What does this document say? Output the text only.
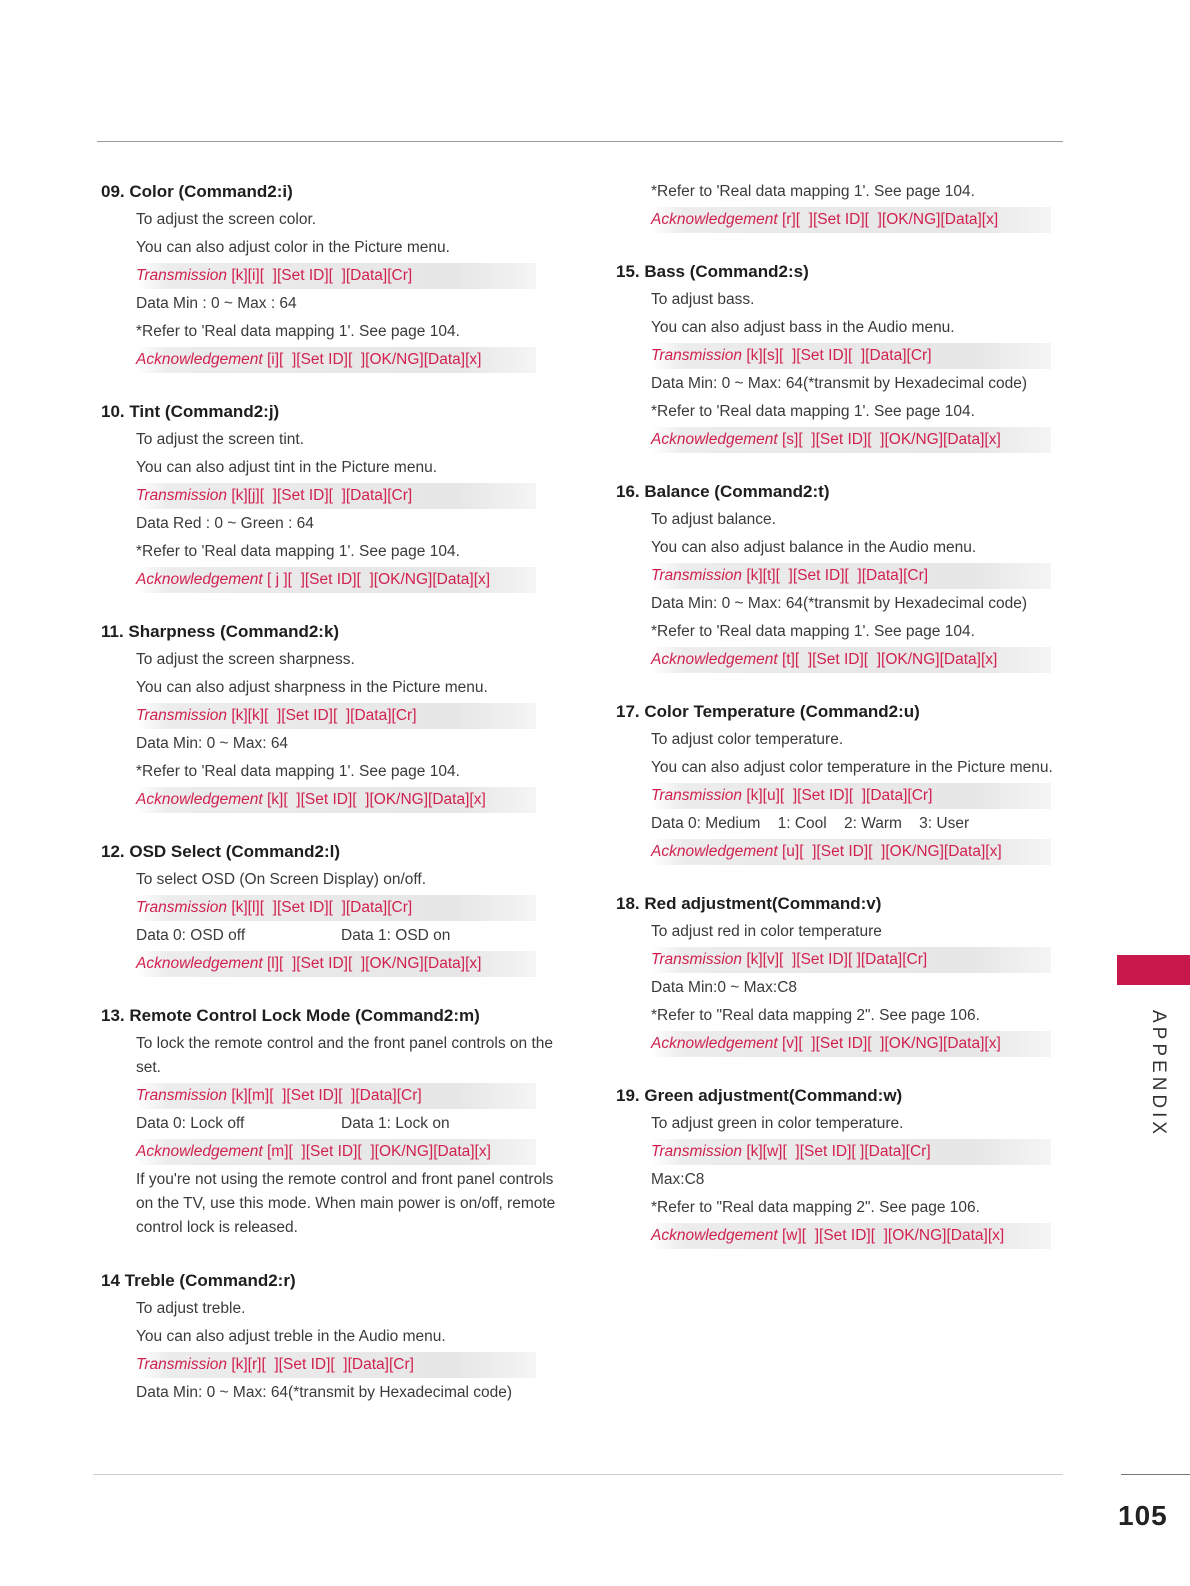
09. Color (Command2:i)
To adjust the screen color.
You can also adjust color in the Picture menu.
Transmission [k][i][  ][Set ID][  ][Data][Cr]
Data Min : 0 ~ Max : 64
*Refer to 'Real data mapping 1'. See page 104.
Acknowledgement [i][  ][Set ID][  ][OK/NG][Data][x]
10. Tint (Command2:j)
To adjust the screen tint.
You can also adjust tint in the Picture menu.
Transmission [k][j][  ][Set ID][  ][Data][Cr]
Data Red : 0 ~ Green : 64
*Refer to 'Real data mapping 1'. See page 104.
Acknowledgement [ j ][  ][Set ID][  ][OK/NG][Data][x]
11. Sharpness (Command2:k)
To adjust the screen sharpness.
You can also adjust sharpness in the Picture menu.
Transmission [k][k][  ][Set ID][  ][Data][Cr]
Data Min: 0 ~ Max: 64
*Refer to 'Real data mapping 1'. See page 104.
Acknowledgement [k][  ][Set ID][  ][OK/NG][Data][x]
12. OSD Select (Command2:l)
To select OSD (On Screen Display) on/off.
Transmission [k][l][  ][Set ID][  ][Data][Cr]
Data 0: OSD off	Data 1: OSD on
Acknowledgement [l][  ][Set ID][  ][OK/NG][Data][x]
13. Remote Control Lock Mode (Command2:m)
To lock the remote control and the front panel controls on the set.
Transmission [k][m][  ][Set ID][  ][Data][Cr]
Data 0: Lock off	Data 1: Lock on
Acknowledgement [m][  ][Set ID][  ][OK/NG][Data][x]
If you're not using the remote control and front panel controls on the TV, use this mode. When main power is on/off, remote control lock is released.
14 Treble (Command2:r)
To adjust treble.
You can also adjust treble in the Audio menu.
Transmission [k][r][  ][Set ID][  ][Data][Cr]
Data Min: 0 ~ Max: 64(*transmit by Hexadecimal code)
*Refer to 'Real data mapping 1'. See page 104.
Acknowledgement [r][  ][Set ID][  ][OK/NG][Data][x]
15. Bass (Command2:s)
To adjust bass.
You can also adjust bass in the Audio menu.
Transmission [k][s][  ][Set ID][  ][Data][Cr]
Data Min: 0 ~ Max: 64(*transmit by Hexadecimal code)
*Refer to 'Real data mapping 1'. See page 104.
Acknowledgement [s][  ][Set ID][  ][OK/NG][Data][x]
16. Balance (Command2:t)
To adjust balance.
You can also adjust balance in the Audio menu.
Transmission [k][t][  ][Set ID][  ][Data][Cr]
Data Min: 0 ~ Max: 64(*transmit by Hexadecimal code)
*Refer to 'Real data mapping 1'. See page 104.
Acknowledgement [t][  ][Set ID][  ][OK/NG][Data][x]
17. Color Temperature (Command2:u)
To adjust color temperature.
You can also adjust color temperature in the Picture menu.
Transmission [k][u][  ][Set ID][  ][Data][Cr]
Data 0: Medium    1: Cool    2: Warm    3: User
Acknowledgement [u][  ][Set ID][  ][OK/NG][Data][x]
18. Red adjustment(Command:v)
To adjust red in color temperature
Transmission [k][v][  ][Set ID][ ][Data][Cr]
Data Min:0 ~ Max:C8
*Refer to "Real data mapping 2". See page 106.
Acknowledgement [v][  ][Set ID][  ][OK/NG][Data][x]
19. Green adjustment(Command:w)
To adjust green in color temperature.
Transmission [k][w][  ][Set ID][ ][Data][Cr]
Max:C8
*Refer to "Real data mapping 2". See page 106.
Acknowledgement [w][  ][Set ID][  ][OK/NG][Data][x]
APPENDIX
105
